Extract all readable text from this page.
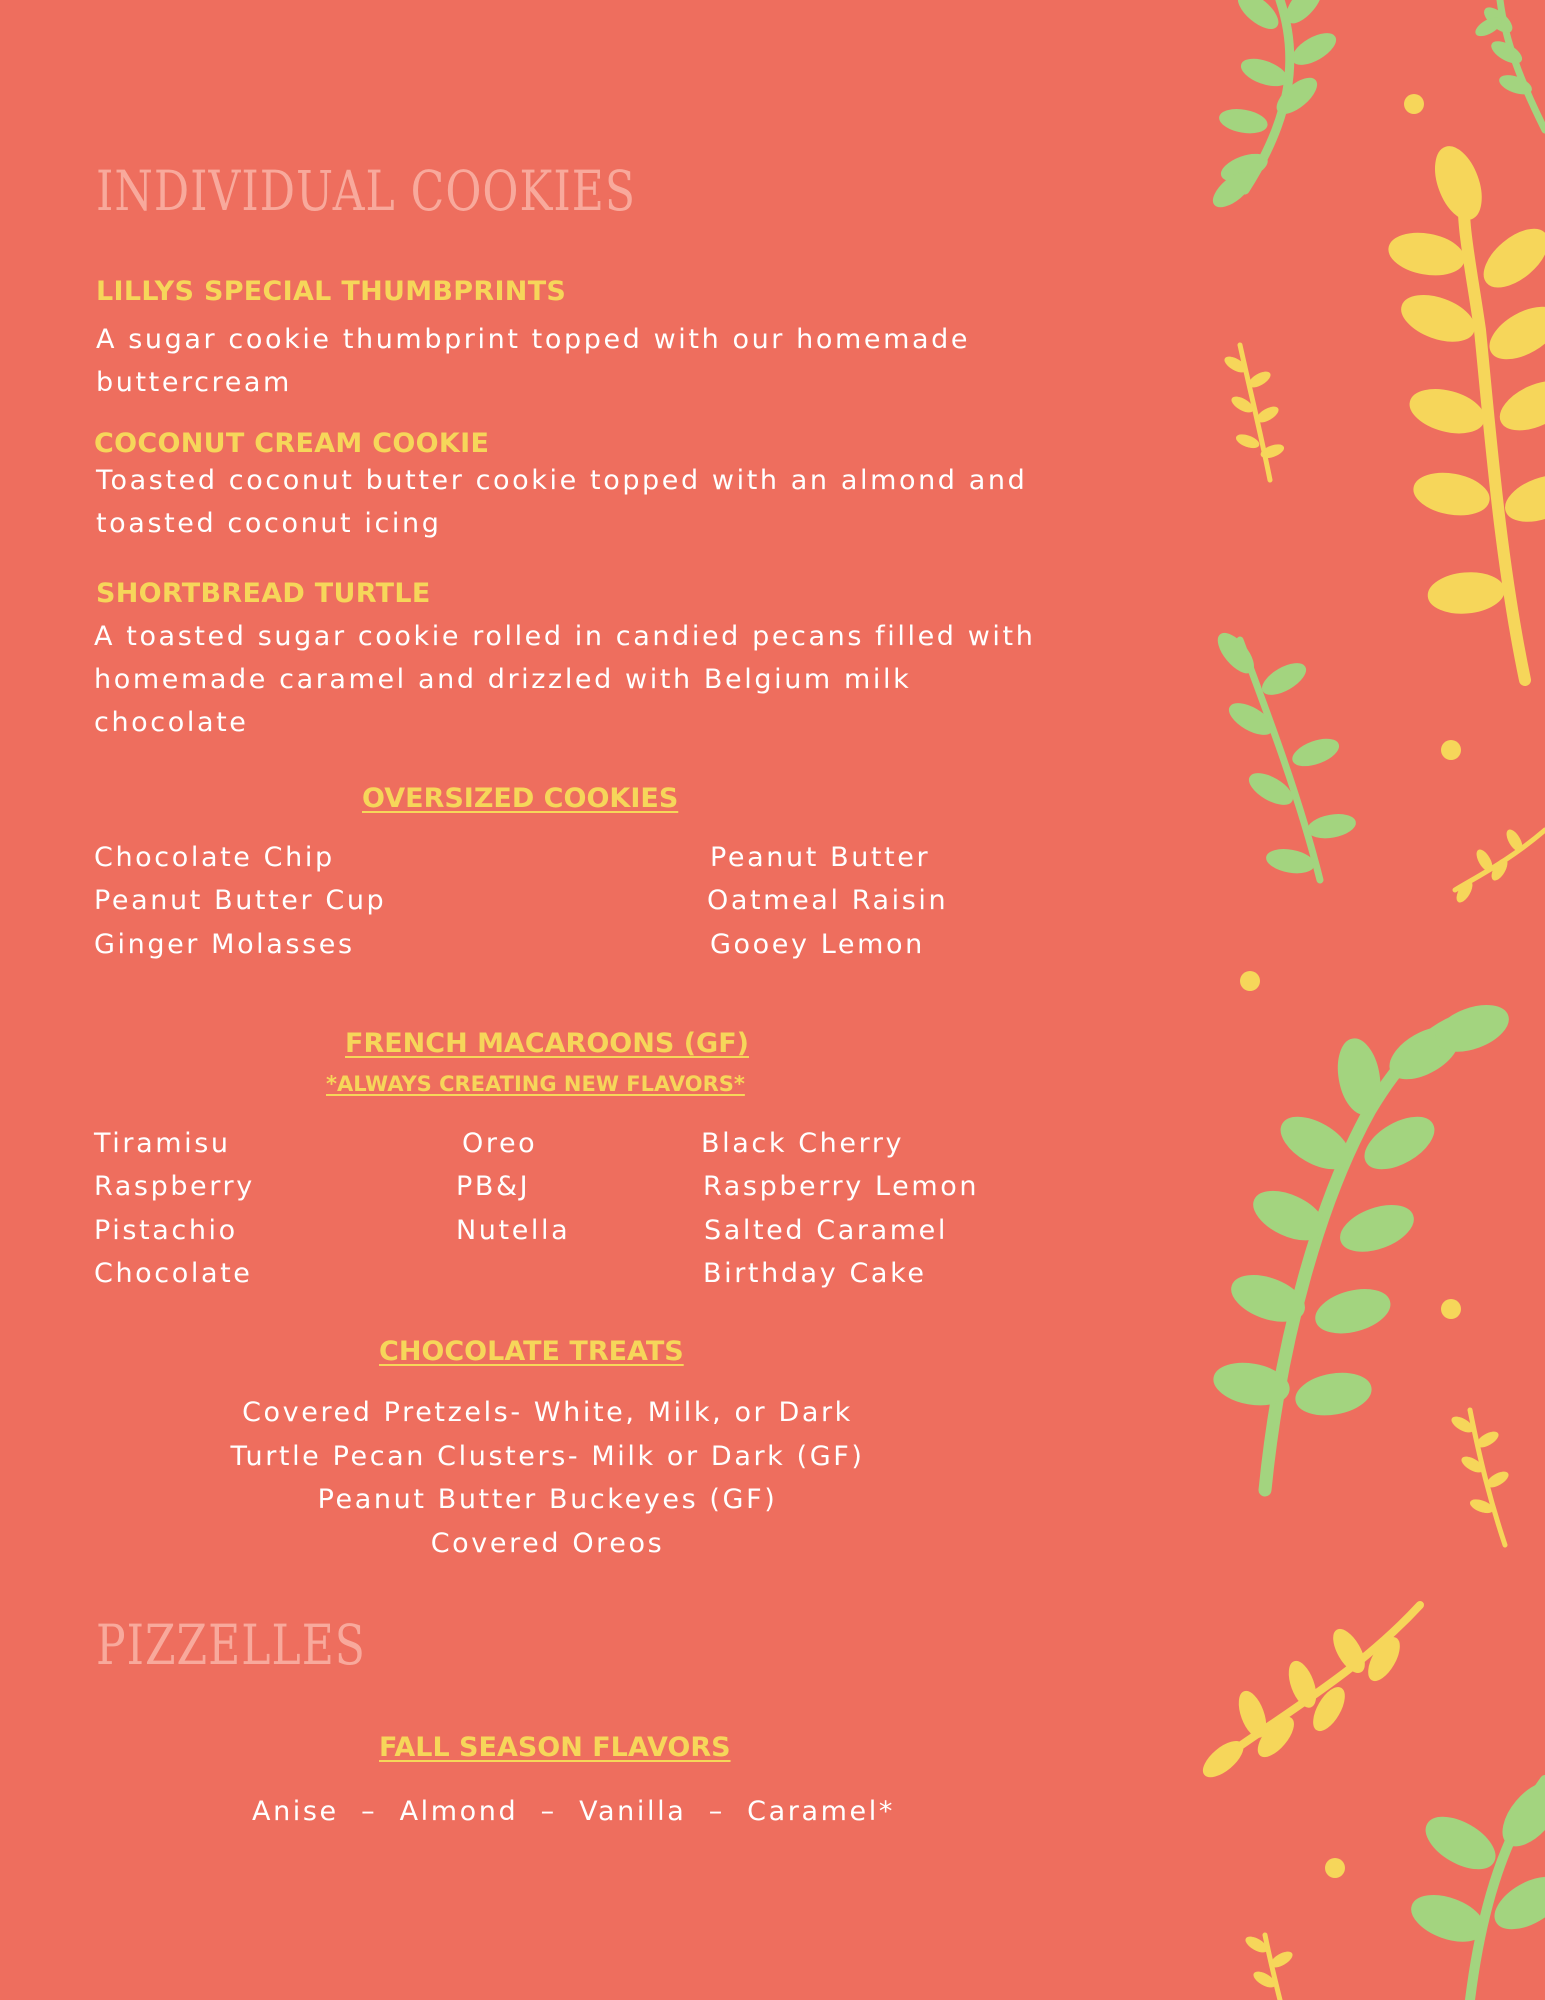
INDIVIDUAL COOKIES
LILLYS SPECIAL THUMBPRINTS
A sugar cookie thumbprint topped with our homemade buttercream
COCONUT CREAM COOKIE
Toasted coconut butter cookie topped with an almond and toasted coconut icing
SHORTBREAD TURTLE
A toasted sugar cookie rolled in candied pecans filled with homemade caramel and drizzled with Belgium milk chocolate
OVERSIZED COOKIES
Chocolate Chip
Peanut Butter Cup
Ginger Molasses
Peanut Butter
Oatmeal Raisin
Gooey Lemon
FRENCH MACAROONS (GF)
*ALWAYS CREATING NEW FLAVORS*
Tiramisu
Raspberry
Pistachio
Chocolate
Oreo
PB&J
Nutella
Black Cherry
Raspberry Lemon
Salted Caramel
Birthday Cake
CHOCOLATE TREATS
Covered Pretzels- White, Milk, or Dark
Turtle Pecan Clusters- Milk or Dark (GF)
Peanut Butter Buckeyes (GF)
Covered Oreos
PIZZELLES
FALL SEASON FLAVORS
Anise  –  Almond  –  Vanilla  –  Caramel*
